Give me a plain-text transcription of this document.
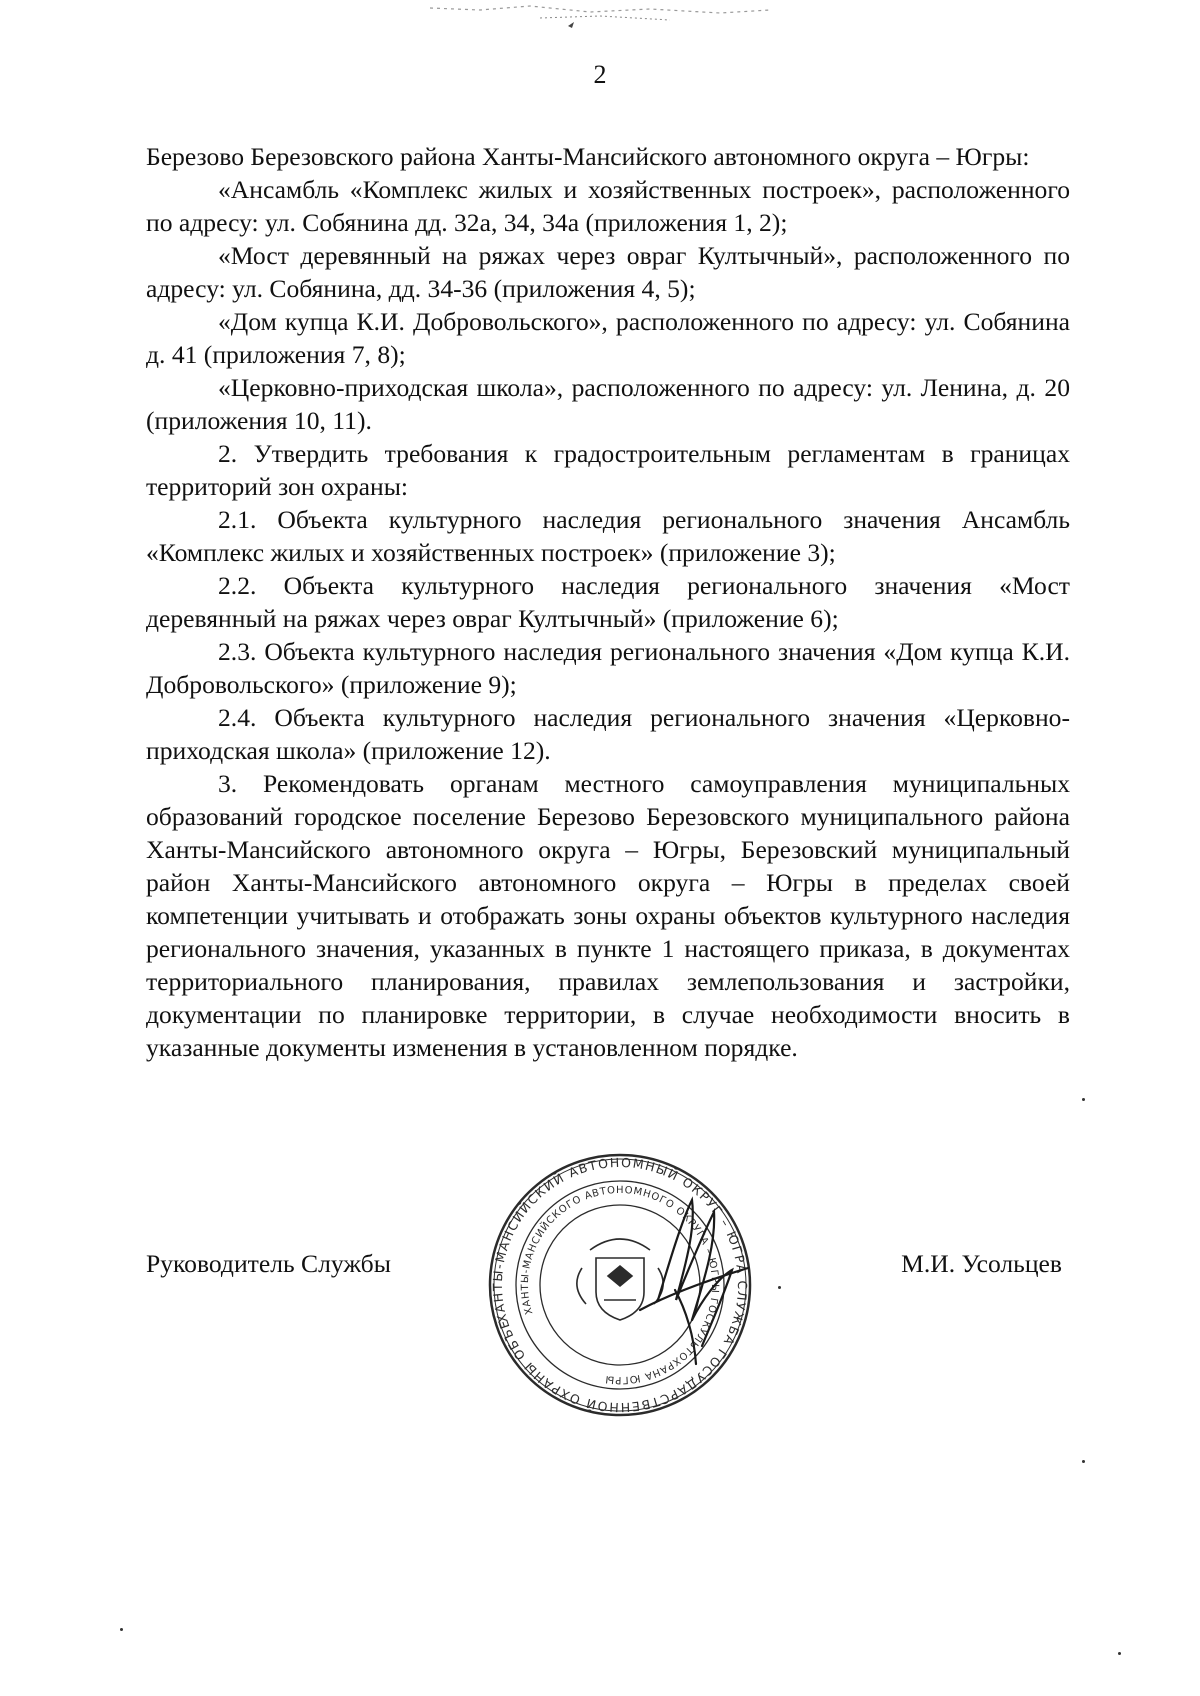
2

Березово Березовского района Ханты-Мансийского автономного округа – Югры:

«Ансамбль «Комплекс жилых и хозяйственных построек», расположенного по адресу: ул. Собянина дд. 32а, 34, 34а (приложения 1, 2);

«Мост деревянный на ряжах через овраг Култычный», расположенного по адресу: ул. Собянина, дд. 34-36 (приложения 4, 5);

«Дом купца К.И. Добровольского», расположенного по адресу: ул. Собянина д. 41 (приложения 7, 8);

«Церковно-приходская школа», расположенного по адресу: ул. Ленина, д. 20 (приложения 10, 11).

2. Утвердить требования к градостроительным регламентам в границах территорий зон охраны:

2.1. Объекта культурного наследия регионального значения Ансамбль «Комплекс жилых и хозяйственных построек» (приложение 3);

2.2. Объекта культурного наследия регионального значения «Мост деревянный на ряжах через овраг Култычный» (приложение 6);

2.3. Объекта культурного наследия регионального значения «Дом купца К.И. Добровольского» (приложение 9);

2.4. Объекта культурного наследия регионального значения «Церковно-приходская школа» (приложение 12).

3. Рекомендовать органам местного самоуправления муниципальных образований городское поселение Березово Березовского муниципального района Ханты-Мансийского автономного округа – Югры, Березовский муниципальный район Ханты-Мансийского автономного округа – Югры в пределах своей компетенции учитывать и отображать зоны охраны объектов культурного наследия регионального значения, указанных в пункте 1 настоящего приказа, в документах территориального планирования, правилах землепользования и застройки, документации по планировке территории, в случае необходимости вносить в указанные документы изменения в установленном порядке.

ХАНТЫ-МАНСИЙСКИЙ АВТОНОМНЫЙ ОКРУГ – ЮГРА СЛУЖБА ГОСУДАРСТВЕННОЙ ОХРАНЫ ОБЪЕКТОВ
ХАНТЫ-МАНСИЙСКОГО АВТОНОМНОГО ОКРУГА – ЮГРЫ ГОСКУЛЬТОХРАНА ЮГРЫ
Руководитель Службы	М.И. Усольцев
